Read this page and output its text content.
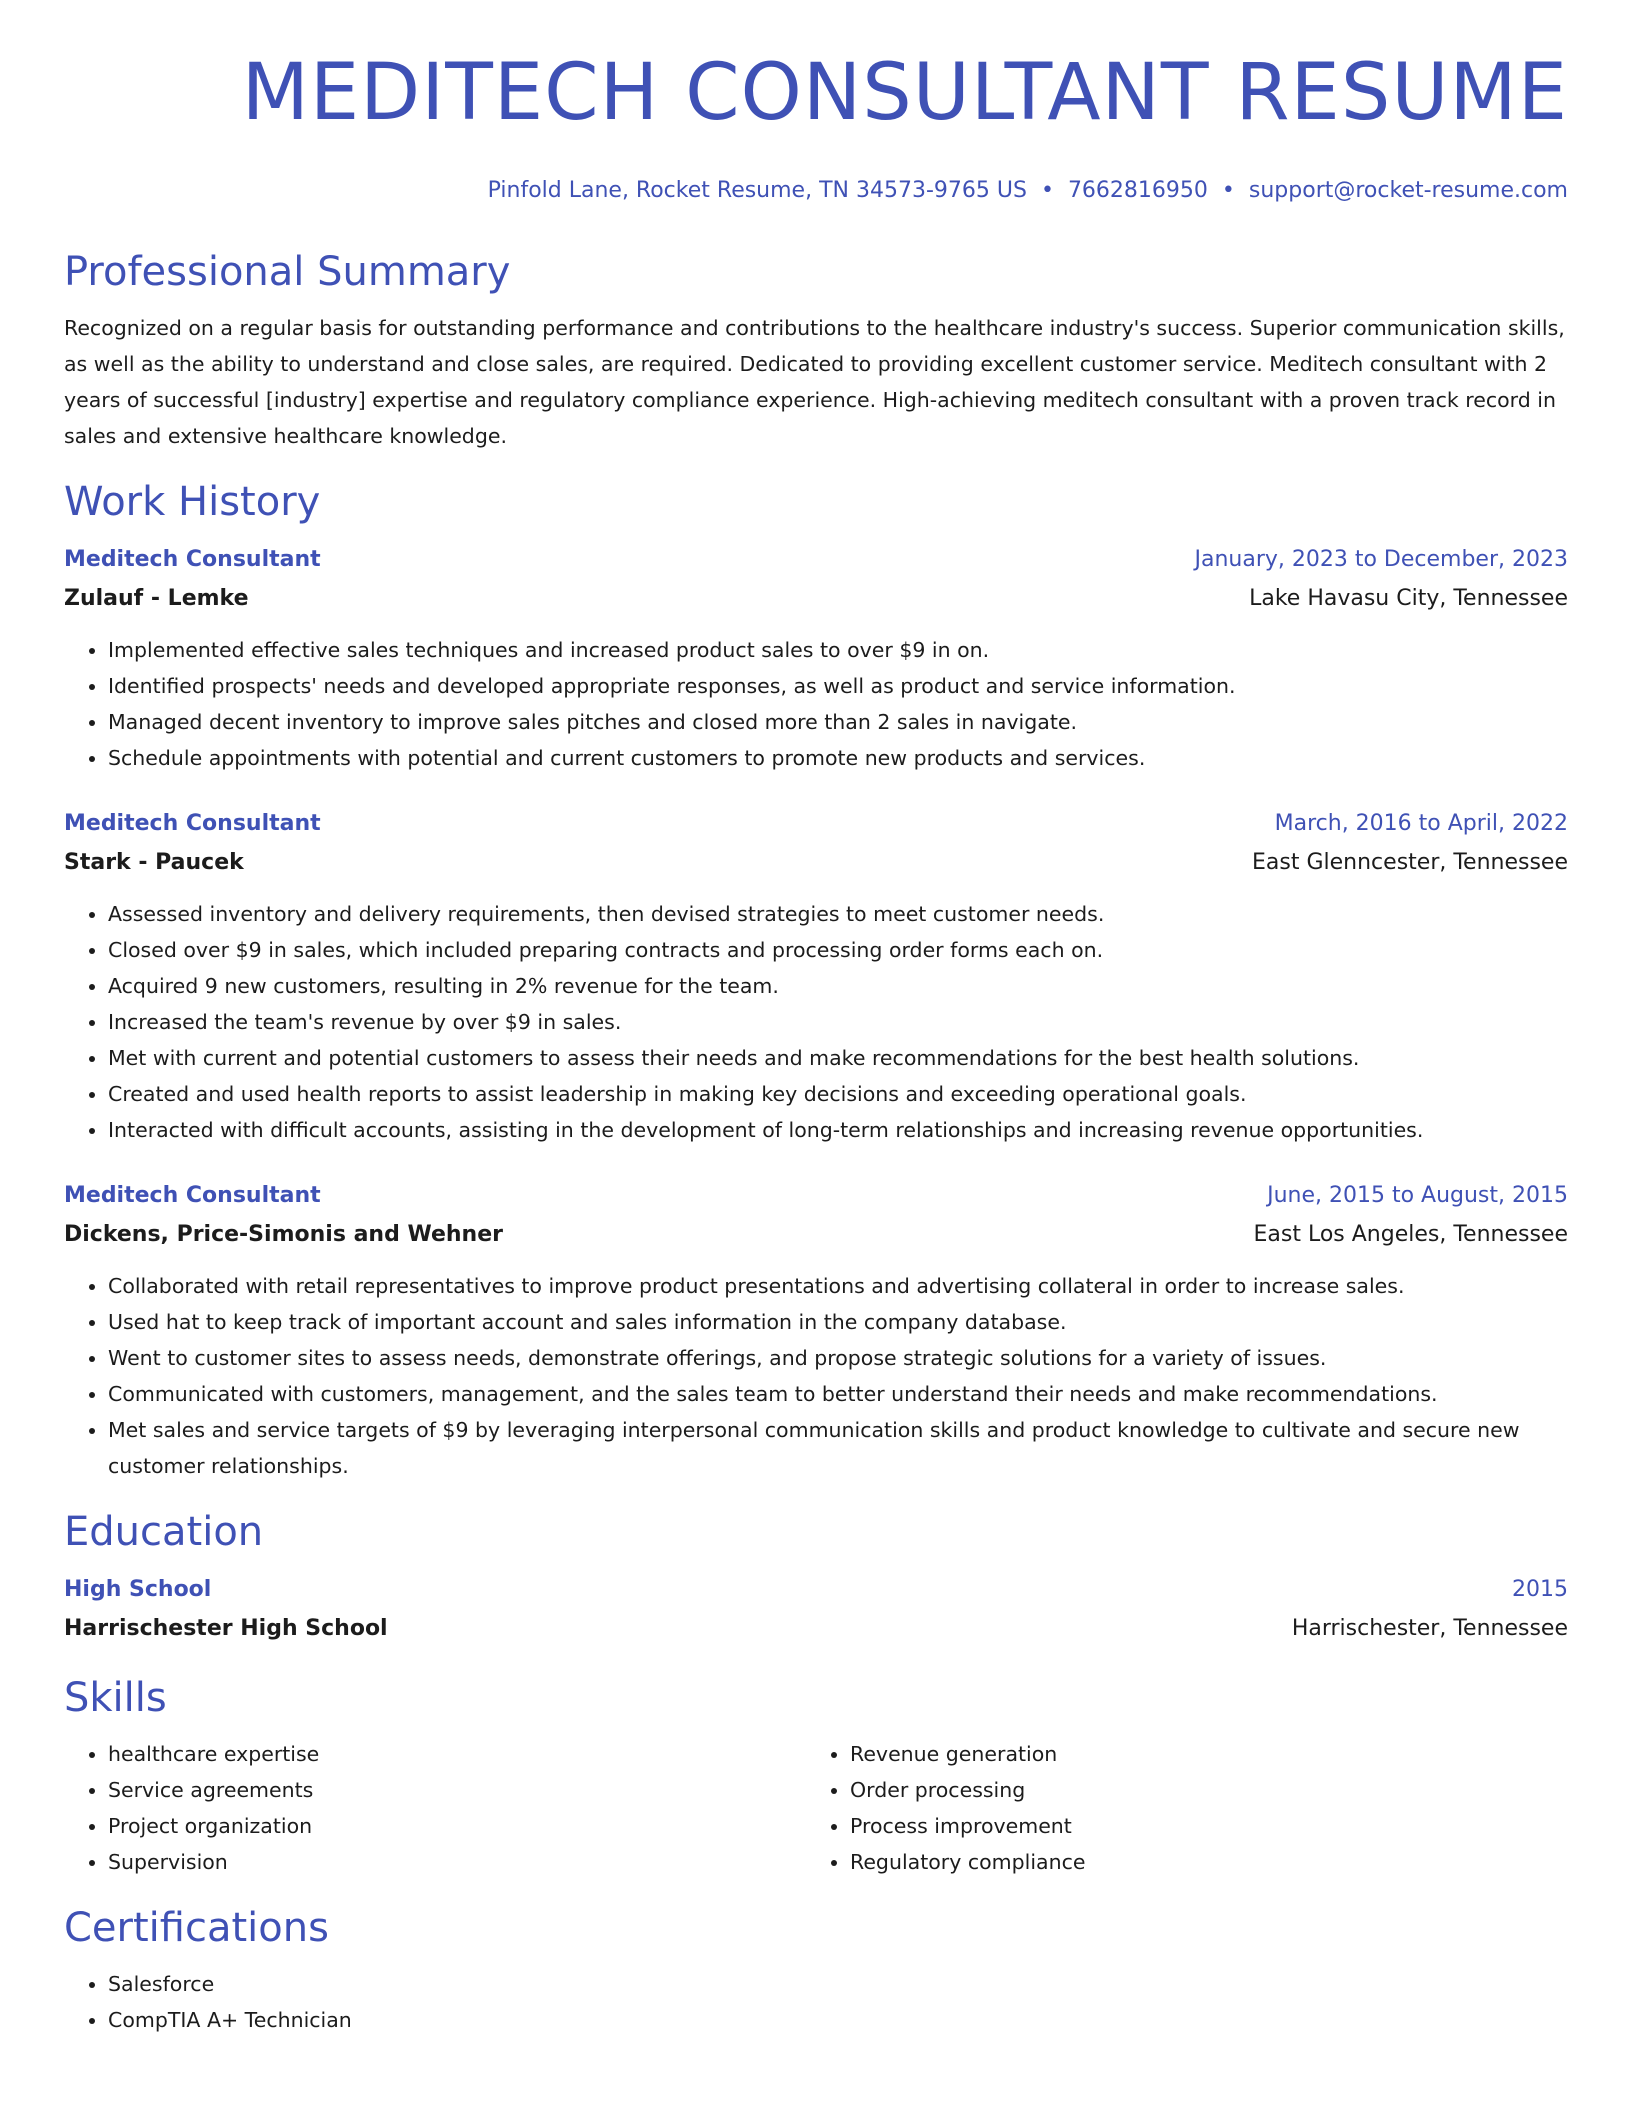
MEDITECH CONSULTANT RESUME
Pinfold Lane, Rocket Resume, TN 34573-9765 US • 7662816950 • support@rocket-resume.com
Professional Summary

Recognized on a regular basis for outstanding performance and contributions to the healthcare industry's success. Superior communication skills, as well as the ability to understand and close sales, are required. Dedicated to providing excellent customer service. Meditech consultant with 2 years of successful [industry] expertise and regulatory compliance experience. High-achieving meditech consultant with a proven track record in sales and extensive healthcare knowledge.

Work History
Meditech Consultant	January, 2023 to December, 2023
Zulauf - Lemke	Lake Havasu City, Tennessee
• Implemented effective sales techniques and increased product sales to over $9 in on.
• Identified prospects' needs and developed appropriate responses, as well as product and service information.
• Managed decent inventory to improve sales pitches and closed more than 2 sales in navigate.
• Schedule appointments with potential and current customers to promote new products and services.
Meditech Consultant	March, 2016 to April, 2022
Stark - Paucek	East Glenncester, Tennessee
• Assessed inventory and delivery requirements, then devised strategies to meet customer needs.
• Closed over $9 in sales, which included preparing contracts and processing order forms each on.
• Acquired 9 new customers, resulting in 2% revenue for the team.
• Increased the team's revenue by over $9 in sales.
• Met with current and potential customers to assess their needs and make recommendations for the best health solutions.
• Created and used health reports to assist leadership in making key decisions and exceeding operational goals.
• Interacted with difficult accounts, assisting in the development of long-term relationships and increasing revenue opportunities.
Meditech Consultant	June, 2015 to August, 2015
Dickens, Price-Simonis and Wehner	East Los Angeles, Tennessee
• Collaborated with retail representatives to improve product presentations and advertising collateral in order to increase sales.
• Used hat to keep track of important account and sales information in the company database.
• Went to customer sites to assess needs, demonstrate offerings, and propose strategic solutions for a variety of issues.
• Communicated with customers, management, and the sales team to better understand their needs and make recommendations.
• Met sales and service targets of $9 by leveraging interpersonal communication skills and product knowledge to cultivate and secure new customer relationships.
Education
High School	2015
Harrischester High School	Harrischester, Tennessee
Skills
• healthcare expertise
• Service agreements
• Project organization
• Supervision
• Revenue generation
• Order processing
• Process improvement
• Regulatory compliance
Certifications
• Salesforce
• CompTIA A+ Technician
